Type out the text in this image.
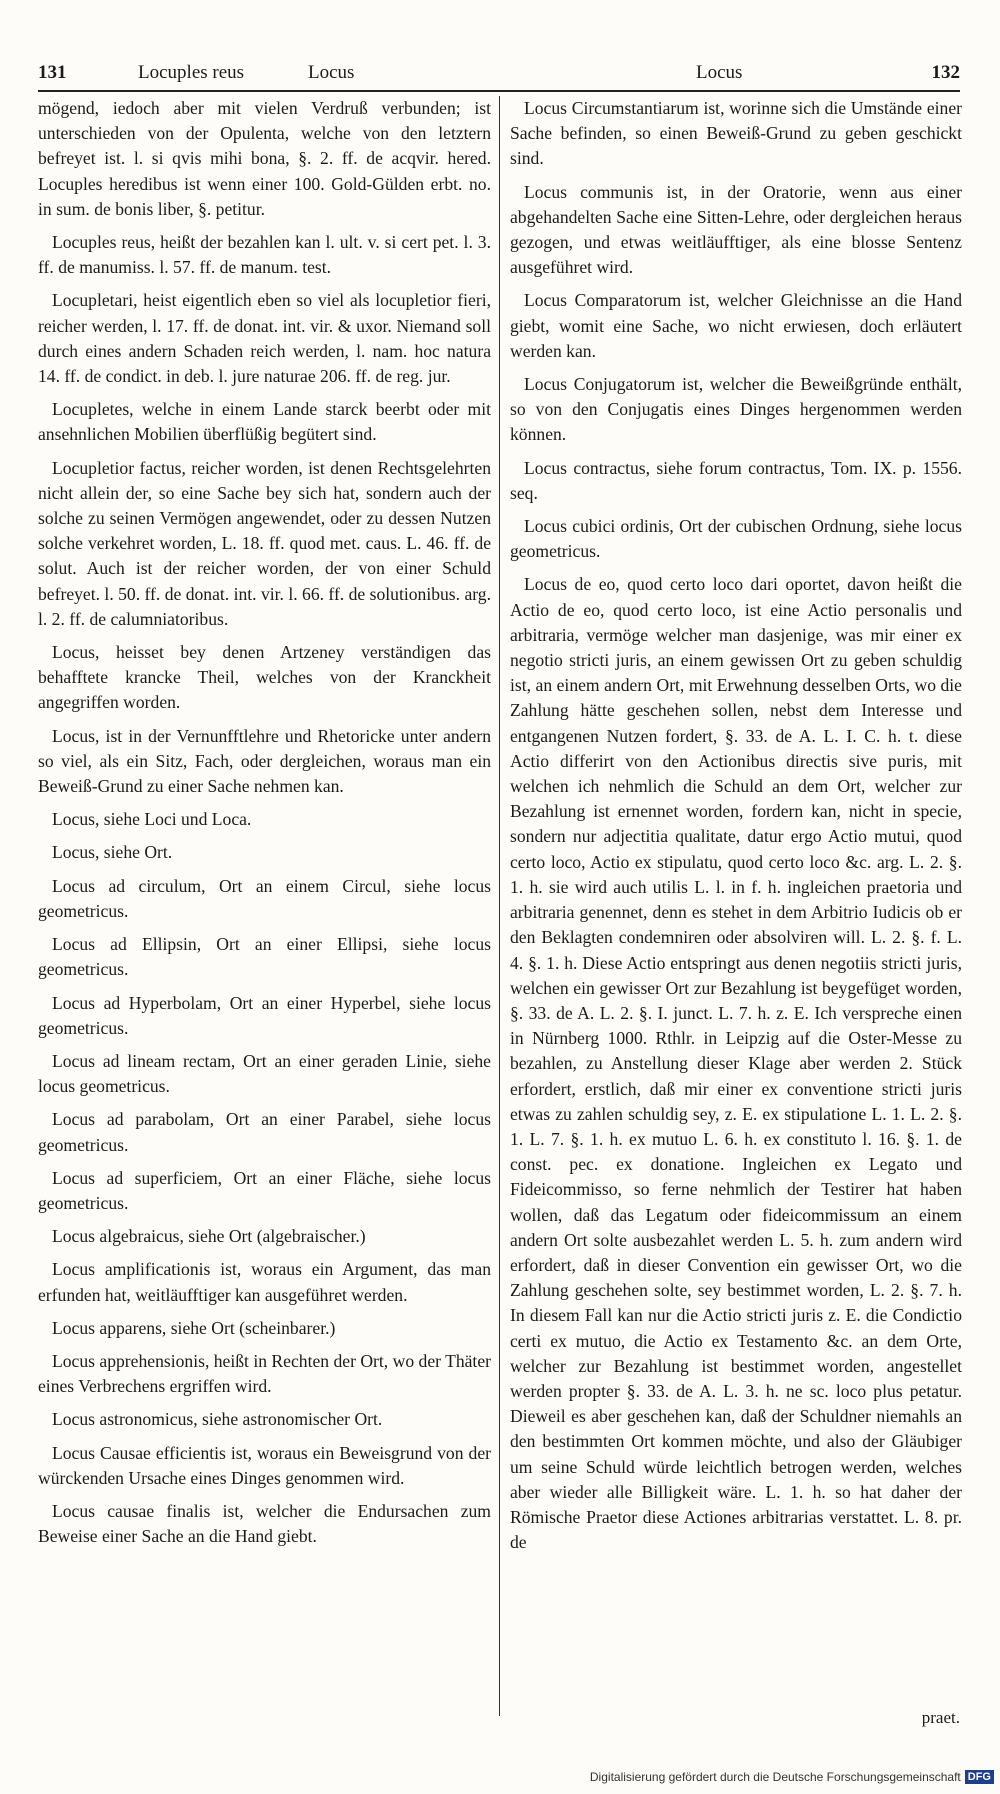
131	Locuples reus	Locus	Locus	132

mögend, iedoch aber mit vielen Verdruß verbunden; ist unterschieden von der Opulenta, welche von den letztern befreyet ist. l. si qvis mihi bona, §. 2. ff. de acqvir. hered. Locuples heredibus ist wenn einer 100. Gold-Gülden erbt. no. in sum. de bonis liber, §. petitur.

Locuples reus, heißt der bezahlen kan l. ult. v. si cert pet. l. 3. ff. de manumiss. l. 57. ff. de manum. test.

Locupletari, heist eigentlich eben so viel als locupletior fieri, reicher werden, l. 17. ff. de donat. int. vir. & uxor. Niemand soll durch eines andern Schaden reich werden, l. nam. hoc natura 14. ff. de condict. in deb. l. jure naturae 206. ff. de reg. jur.

Locupletes, welche in einem Lande starck beerbt oder mit ansehnlichen Mobilien überflüßig begütert sind.

Locupletior factus, reicher worden, ist denen Rechtsgelehrten nicht allein der, so eine Sache bey sich hat, sondern auch der solche zu seinen Vermögen angewendet, oder zu dessen Nutzen solche verkehret worden, L. 18. ff. quod met. caus. L. 46. ff. de solut. Auch ist der reicher worden, der von einer Schuld befreyet. l. 50. ff. de donat. int. vir. l. 66. ff. de solutionibus. arg. l. 2. ff. de calumniatoribus.

Locus, heisset bey denen Artzeney verständigen das behafftete krancke Theil, welches von der Kranckheit angegriffen worden.

Locus, ist in der Vernunfftlehre und Rhetoricke unter andern so viel, als ein Sitz, Fach, oder dergleichen, woraus man ein Beweiß-Grund zu einer Sache nehmen kan.

Locus, siehe Loci und Loca.

Locus, siehe Ort.

Locus ad circulum, Ort an einem Circul, siehe locus geometricus.

Locus ad Ellipsin, Ort an einer Ellipsi, siehe locus geometricus.

Locus ad Hyperbolam, Ort an einer Hyperbel, siehe locus geometricus.

Locus ad lineam rectam, Ort an einer geraden Linie, siehe locus geometricus.

Locus ad parabolam, Ort an einer Parabel, siehe locus geometricus.

Locus ad superficiem, Ort an einer Fläche, siehe locus geometricus.

Locus algebraicus, siehe Ort (algebraischer.)

Locus amplificationis ist, woraus ein Argument, das man erfunden hat, weitläufftiger kan ausgeführet werden.

Locus apparens, siehe Ort (scheinbarer.)

Locus apprehensionis, heißt in Rechten der Ort, wo der Thäter eines Verbrechens ergriffen wird.

Locus astronomicus, siehe astronomischer Ort.

Locus Causae efficientis ist, woraus ein Beweisgrund von der würckenden Ursache eines Dinges genommen wird.

Locus causae finalis ist, welcher die Endursachen zum Beweise einer Sache an die Hand giebt.

Locus Circumstantiarum ist, worinne sich die Umstände einer Sache befinden, so einen Beweiß-Grund zu geben geschickt sind.

Locus communis ist, in der Oratorie, wenn aus einer abgehandelten Sache eine Sitten-Lehre, oder dergleichen heraus gezogen, und etwas weitläufftiger, als eine blosse Sentenz ausgeführet wird.

Locus Comparatorum ist, welcher Gleichnisse an die Hand giebt, womit eine Sache, wo nicht erwiesen, doch erläutert werden kan.

Locus Conjugatorum ist, welcher die Beweißgründe enthält, so von den Conjugatis eines Dinges hergenommen werden können.

Locus contractus, siehe forum contractus, Tom. IX. p. 1556. seq.

Locus cubici ordinis, Ort der cubischen Ordnung, siehe locus geometricus.

Locus de eo, quod certo loco dari oportet, davon heißt die Actio de eo, quod certo loco, ist eine Actio personalis und arbitraria, vermöge welcher man dasjenige, was mir einer ex negotio stricti juris, an einem gewissen Ort zu geben schuldig ist, an einem andern Ort, mit Erwehnung desselben Orts, wo die Zahlung hätte geschehen sollen, nebst dem Interesse und entgangenen Nutzen fordert, §. 33. de A. L. I. C. h. t. diese Actio differirt von den Actionibus directis sive puris, mit welchen ich nehmlich die Schuld an dem Ort, welcher zur Bezahlung ist ernennet worden, fordern kan, nicht in specie, sondern nur adjectitia qualitate, datur ergo Actio mutui, quod certo loco, Actio ex stipulatu, quod certo loco &c. arg. L. 2. §. 1. h. sie wird auch utilis L. l. in f. h. ingleichen praetoria und arbitraria genennet, denn es stehet in dem Arbitrio Iudicis ob er den Beklagten condemniren oder absolviren will. L. 2. §. f. L. 4. §. 1. h. Diese Actio entspringt aus denen negotiis stricti juris, welchen ein gewisser Ort zur Bezahlung ist beygefüget worden, §. 33. de A. L. 2. §. I. junct. L. 7. h. z. E. Ich verspreche einen in Nürnberg 1000. Rthlr. in Leipzig auf die Oster-Messe zu bezahlen, zu Anstellung dieser Klage aber werden 2. Stück erfordert, erstlich, daß mir einer ex conventione stricti juris etwas zu zahlen schuldig sey, z. E. ex stipulatione L. 1. L. 2. §. 1. L. 7. §. 1. h. ex mutuo L. 6. h. ex constituto l. 16. §. 1. de const. pec. ex donatione. Ingleichen ex Legato und Fideicommisso, so ferne nehmlich der Testirer hat haben wollen, daß das Legatum oder fideicommissum an einem andern Ort solte ausbezahlet werden L. 5. h. zum andern wird erfordert, daß in dieser Convention ein gewisser Ort, wo die Zahlung geschehen solte, sey bestimmet worden, L. 2. §. 7. h. In diesem Fall kan nur die Actio stricti juris z. E. die Condictio certi ex mutuo, die Actio ex Testamento &c. an dem Orte, welcher zur Bezahlung ist bestimmet worden, angestellet werden propter §. 33. de A. L. 3. h. ne sc. loco plus petatur. Dieweil es aber geschehen kan, daß der Schuldner niemahls an den bestimmten Ort kommen möchte, und also der Gläubiger um seine Schuld würde leichtlich betrogen werden, welches aber wieder alle Billigkeit wäre. L. 1. h. so hat daher der Römische Praetor diese Actiones arbitrarias verstattet. L. 8. pr. de

praet.
Digitalisierung gefördert durch die Deutsche Forschungsgemeinschaft DFG
